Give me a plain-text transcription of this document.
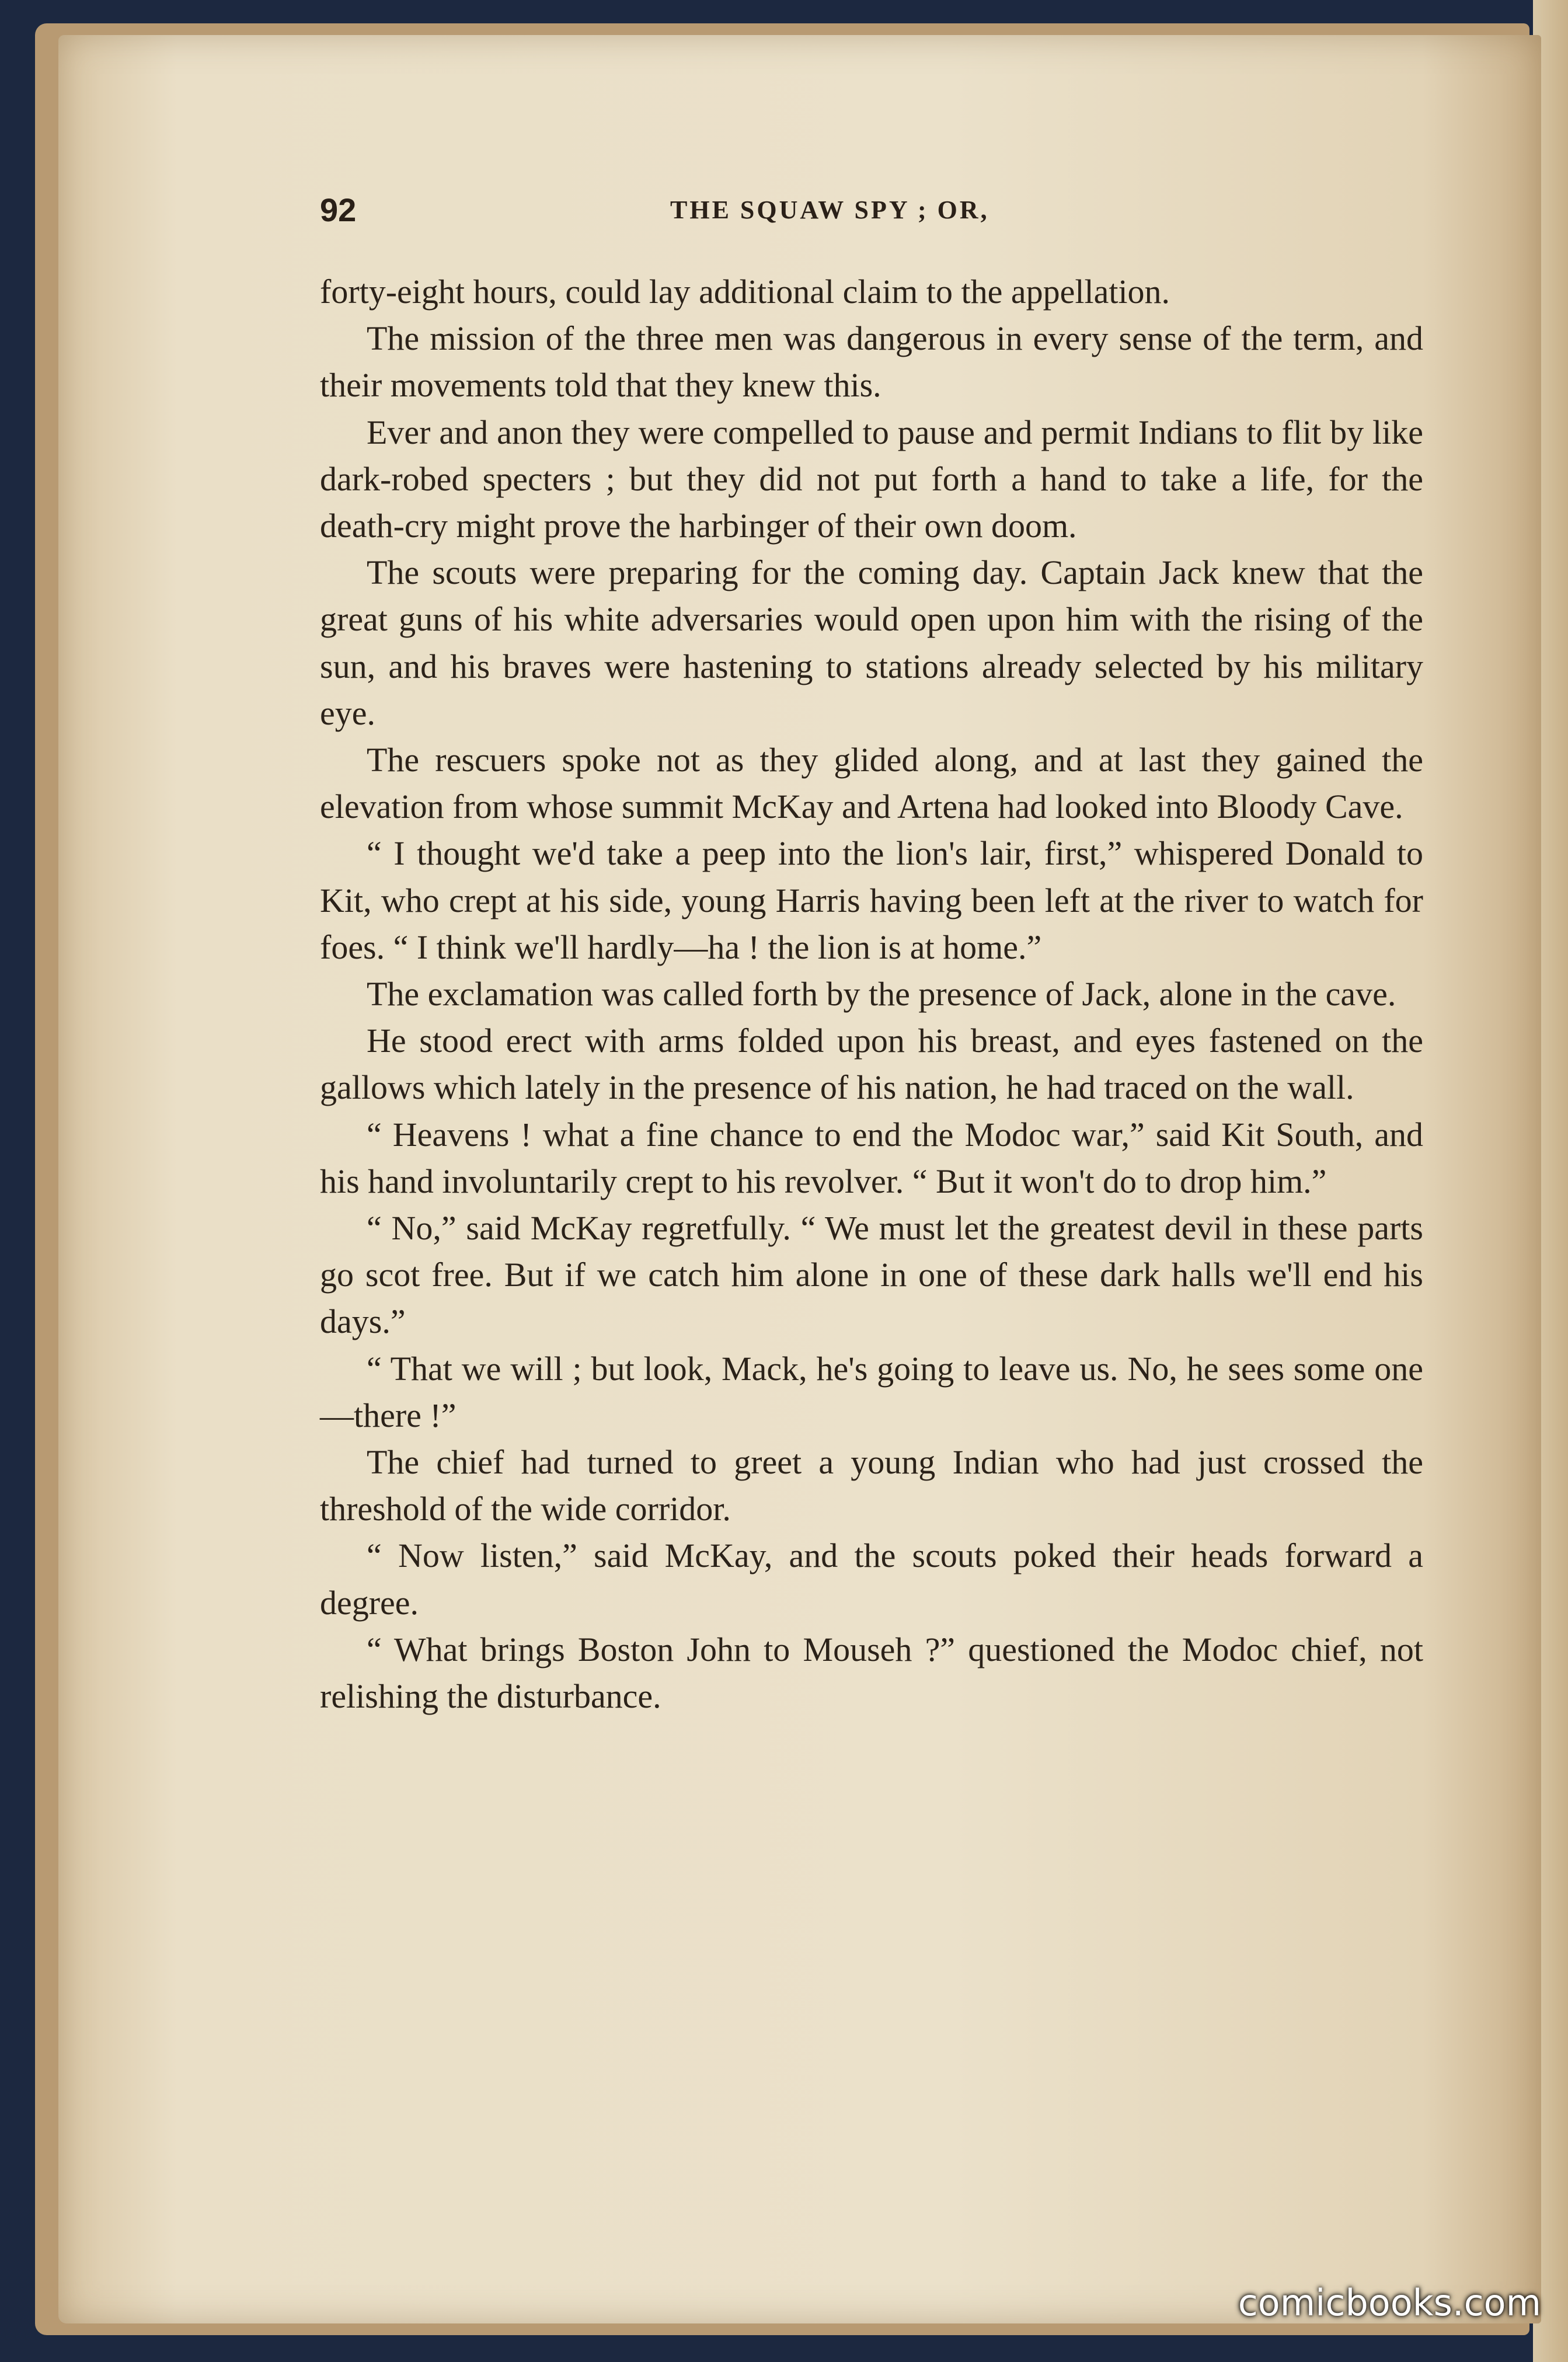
92	THE SQUAW SPY ; OR,

forty-eight hours, could lay additional claim to the appellation.

The mission of the three men was dangerous in every sense of the term, and their movements told that they knew this.

Ever and anon they were compelled to pause and permit Indians to flit by like dark-robed specters ; but they did not put forth a hand to take a life, for the death-cry might prove the harbinger of their own doom.

The scouts were preparing for the coming day. Captain Jack knew that the great guns of his white adversaries would open upon him with the rising of the sun, and his braves were hastening to stations already selected by his military eye.

The rescuers spoke not as they glided along, and at last they gained the elevation from whose summit McKay and Artena had looked into Bloody Cave.

“ I thought we'd take a peep into the lion's lair, first,” whispered Donald to Kit, who crept at his side, young Harris having been left at the river to watch for foes. “ I think we'll hardly—ha ! the lion is at home.”

The exclamation was called forth by the presence of Jack, alone in the cave.

He stood erect with arms folded upon his breast, and eyes fastened on the gallows which lately in the presence of his nation, he had traced on the wall.

“ Heavens ! what a fine chance to end the Modoc war,” said Kit South, and his hand involuntarily crept to his revolver. “ But it won't do to drop him.”

“ No,” said McKay regretfully. “ We must let the greatest devil in these parts go scot free. But if we catch him alone in one of these dark halls we'll end his days.”

“ That we will ; but look, Mack, he's going to leave us. No, he sees some one—there !”

The chief had turned to greet a young Indian who had just crossed the threshold of the wide corridor.

“ Now listen,” said McKay, and the scouts poked their heads forward a degree.

“ What brings Boston John to Mouseh ?” questioned the Modoc chief, not relishing the disturbance.

comicbooks.com
